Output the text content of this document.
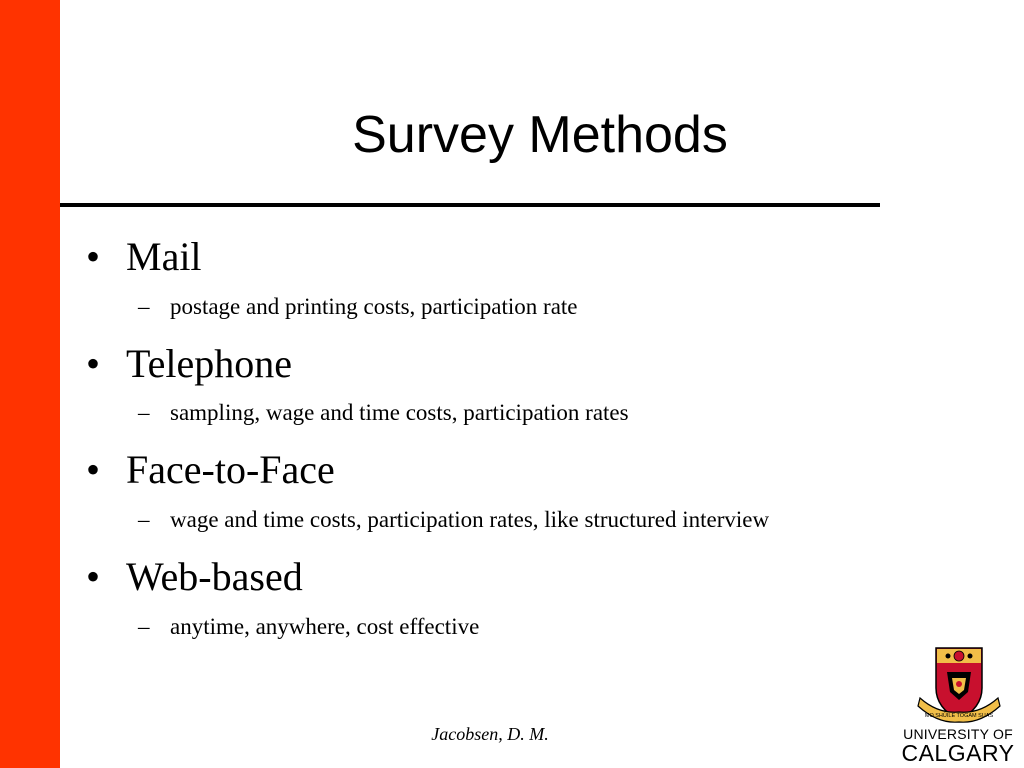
Survey Methods
• Mail
– postage and printing costs, participation rate
• Telephone
– sampling, wage and time costs, participation rates
• Face-to-Face
– wage and time costs, participation rates, like structured interview
• Web-based
– anytime, anywhere, cost effective
Jacobsen, D. M.
MO SHÙILE TOGAM SUAS
UNIVERSITY OF
CALGARY
